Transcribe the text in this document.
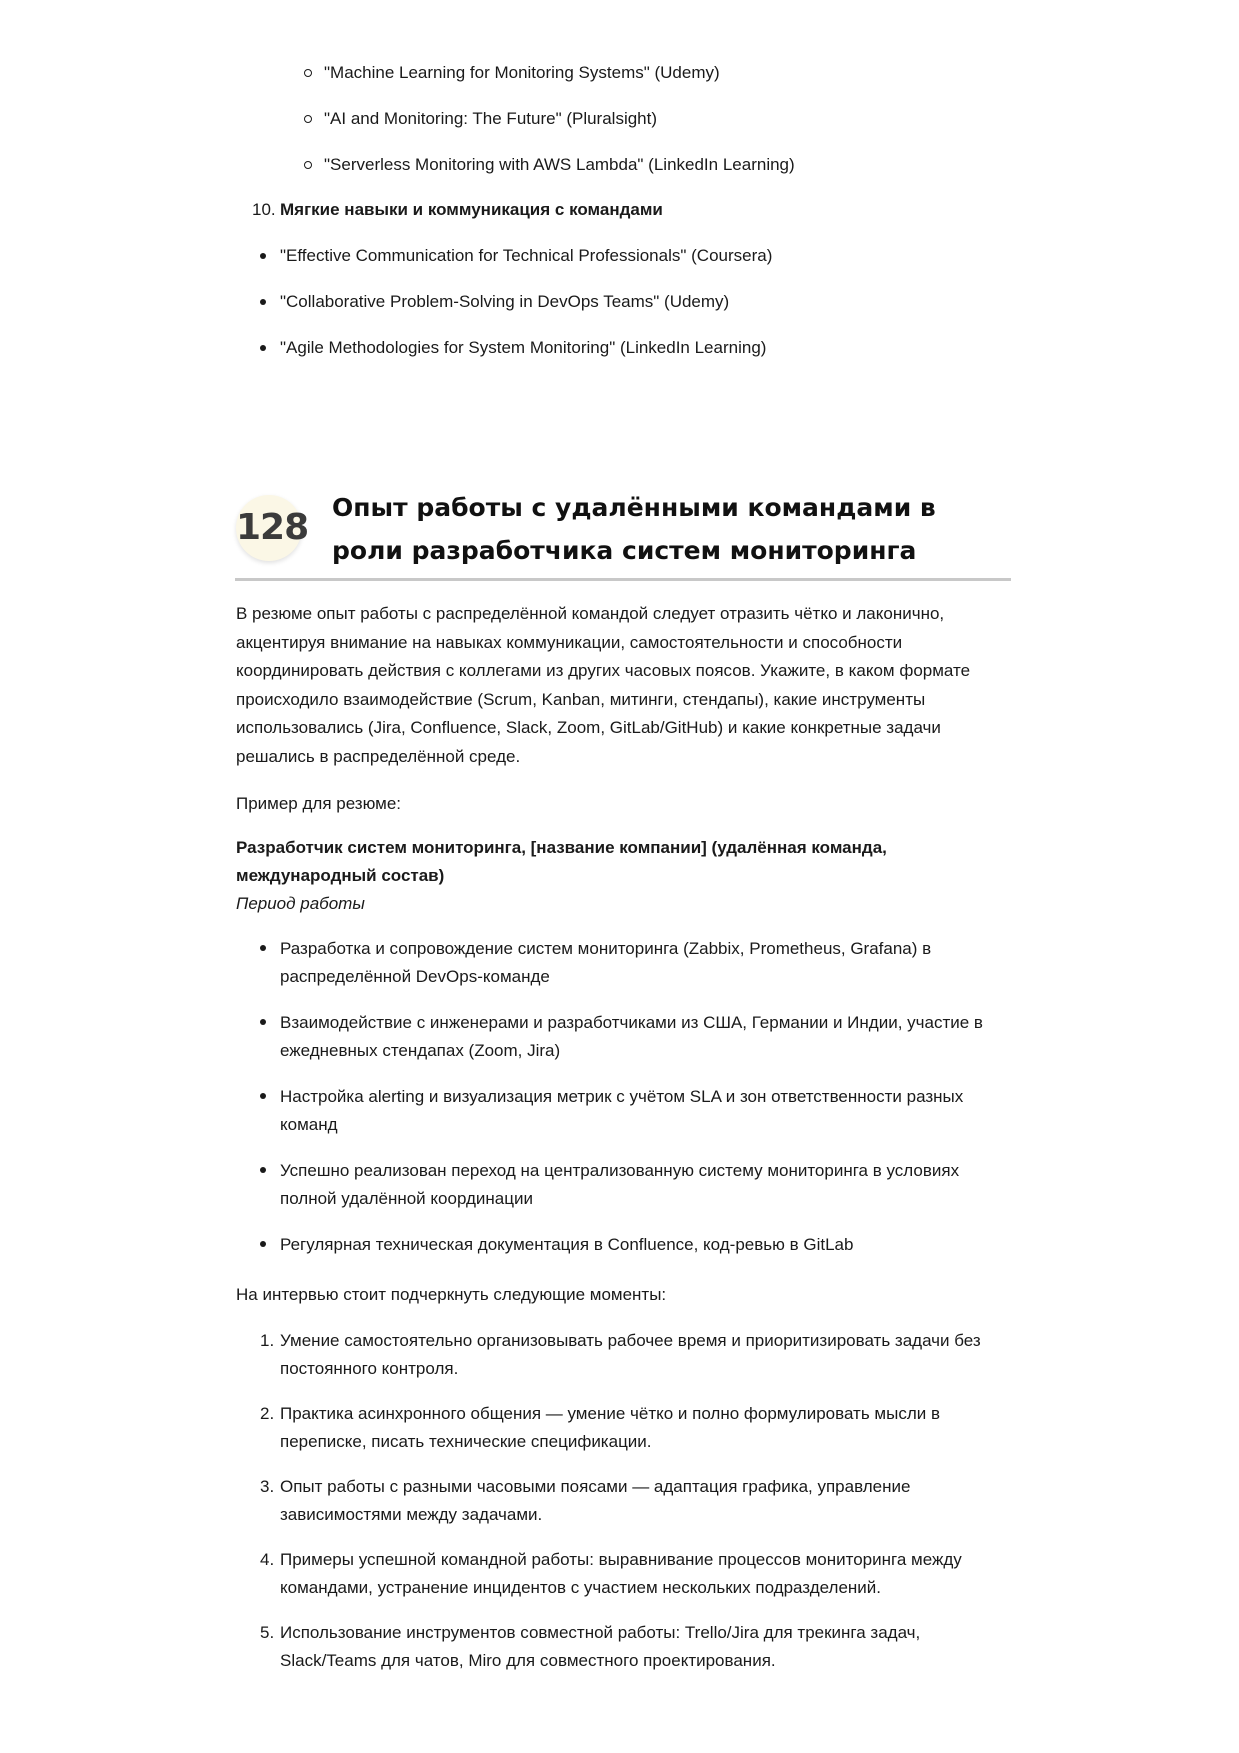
"Machine Learning for Monitoring Systems" (Udemy)
"AI and Monitoring: The Future" (Pluralsight)
"Serverless Monitoring with AWS Lambda" (LinkedIn Learning)
10. Мягкие навыки и коммуникация с командами
"Effective Communication for Technical Professionals" (Coursera)
"Collaborative Problem-Solving in DevOps Teams" (Udemy)
"Agile Methodologies for System Monitoring" (LinkedIn Learning)
128 Опыт работы с удалёнными командами в роли разработчика систем мониторинга

В резюме опыт работы с распределённой командой следует отразить чётко и лаконично, акцентируя внимание на навыках коммуникации, самостоятельности и способности координировать действия с коллегами из других часовых поясов. Укажите, в каком формате происходило взаимодействие (Scrum, Kanban, митинги, стендапы), какие инструменты использовались (Jira, Confluence, Slack, Zoom, GitLab/GitHub) и какие конкретные задачи решались в распределённой среде.

Пример для резюме:

Разработчик систем мониторинга, [название компании] (удалённая команда, международный состав)

Период работы

Разработка и сопровождение систем мониторинга (Zabbix, Prometheus, Grafana) в распределённой DevOps-команде
Взаимодействие с инженерами и разработчиками из США, Германии и Индии, участие в ежедневных стендапах (Zoom, Jira)
Настройка alerting и визуализация метрик с учётом SLA и зон ответственности разных команд
Успешно реализован переход на централизованную систему мониторинга в условиях полной удалённой координации
Регулярная техническая документация в Confluence, код-ревью в GitLab

На интервью стоит подчеркнуть следующие моменты:

1. Умение самостоятельно организовывать рабочее время и приоритизировать задачи без постоянного контроля.
2. Практика асинхронного общения — умение чётко и полно формулировать мысли в переписке, писать технические спецификации.
3. Опыт работы с разными часовыми поясами — адаптация графика, управление зависимостями между задачами.
4. Примеры успешной командной работы: выравнивание процессов мониторинга между командами, устранение инцидентов с участием нескольких подразделений.
5. Использование инструментов совместной работы: Trello/Jira для трекинга задач, Slack/Teams для чатов, Miro для совместного проектирования.
